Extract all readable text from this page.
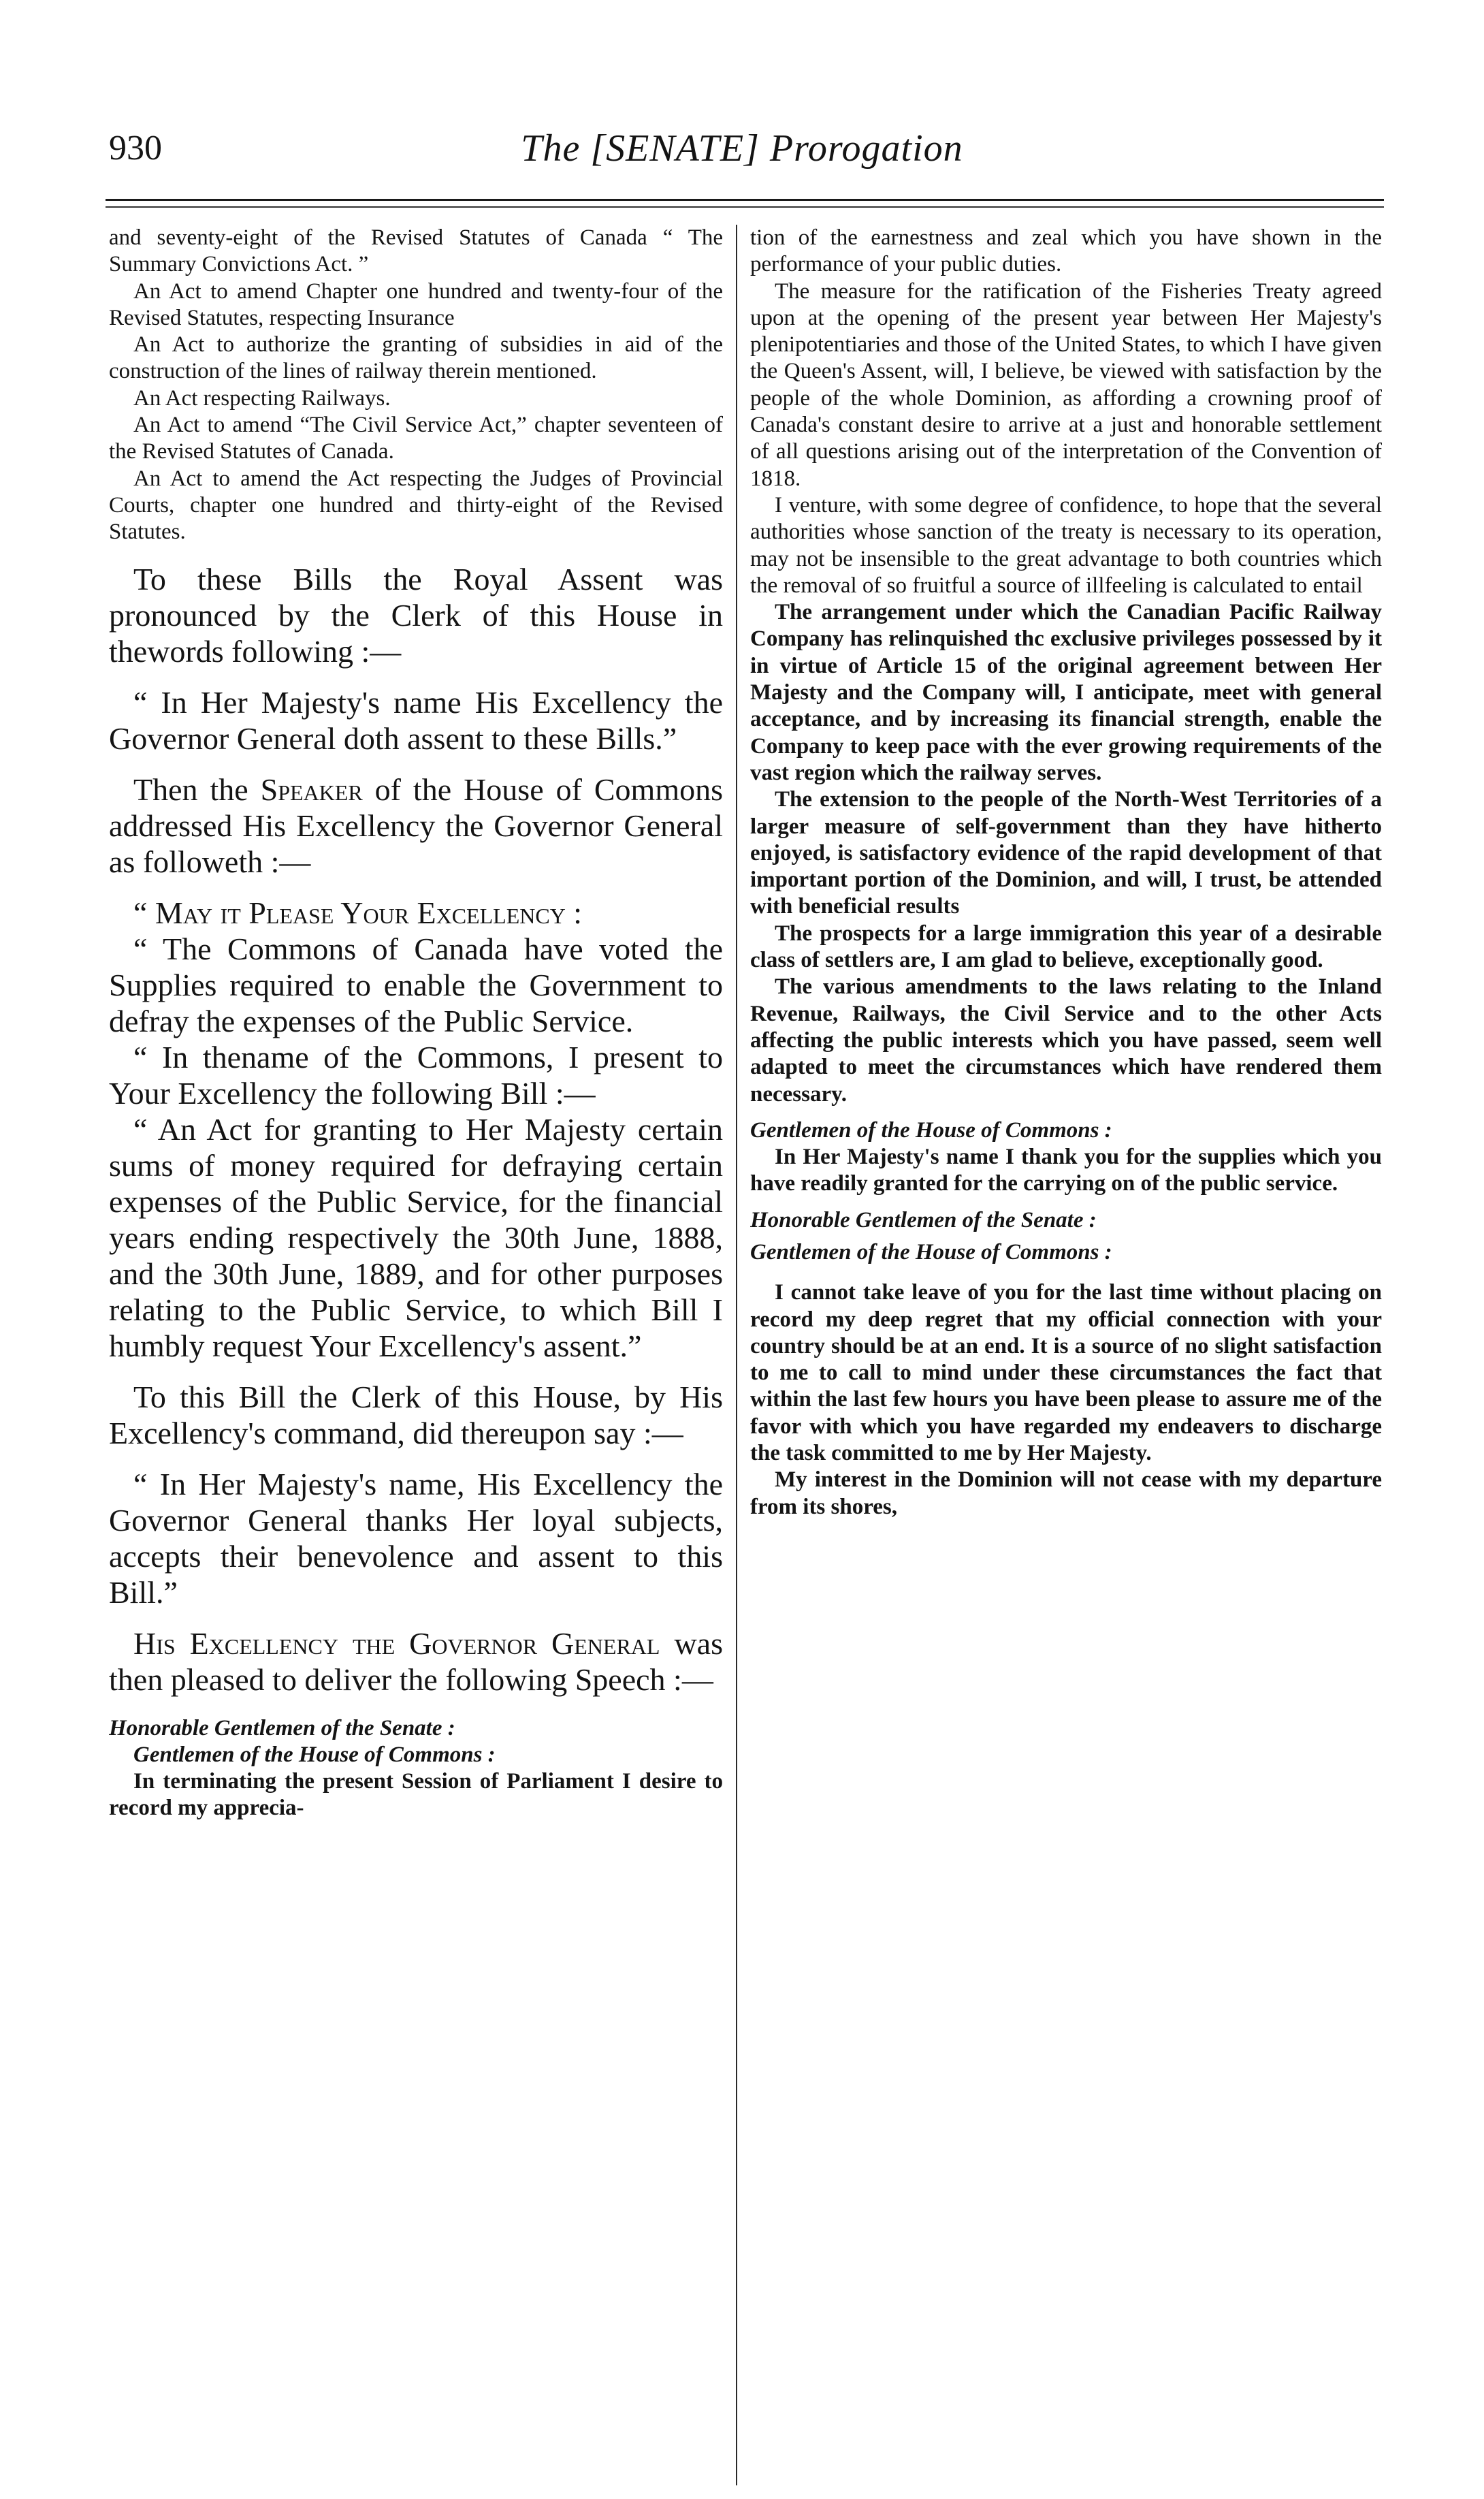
930	The [SENATE] Prorogation

and seventy-eight of the Revised Statutes of Canada “ The Summary Convictions Act. ”

An Act to amend Chapter one hundred and twenty-four of the Revised Statutes, respecting Insurance

An Act to authorize the granting of subsidies in aid of the construction of the lines of railway therein mentioned.

An Act respecting Railways.

An Act to amend “The Civil Service Act,” chapter seventeen of the Revised Statutes of Canada.

An Act to amend the Act respecting the Judges of Provincial Courts, chapter one hundred and thirty-eight of the Revised Statutes.

To these Bills the Royal Assent was pronounced by the Clerk of this House in thewords following :—

“ In Her Majesty's name His Excellency the Governor General doth assent to these Bills.”

Then the Speaker of the House of Commons addressed His Excellency the Governor General as followeth :—

“ May it Please Your Excellency :

“ The Commons of Canada have voted the Supplies required to enable the Government to defray the expenses of the Public Service.

“ In thename of the Commons, I present to Your Excellency the following Bill :—

“ An Act for granting to Her Majesty certain sums of money required for defraying certain expenses of the Public Service, for the financial years ending respectively the 30th June, 1888, and the 30th June, 1889, and for other purposes relating to the Public Service, to which Bill I humbly request Your Excellency's assent.”

To this Bill the Clerk of this House, by His Excellency's command, did thereupon say :—

“ In Her Majesty's name, His Excellency the Governor General thanks Her loyal subjects, accepts their benevolence and assent to this Bill.”

His Excellency the Governor General was then pleased to deliver the following Speech :—

Honorable Gentlemen of the Senate :

Gentlemen of the House of Commons :

In terminating the present Session of Parliament I desire to record my apprecia-

tion of the earnestness and zeal which you have shown in the performance of your public duties.

The measure for the ratification of the Fisheries Treaty agreed upon at the opening of the present year between Her Majesty's plenipotentiaries and those of the United States, to which I have given the Queen's Assent, will, I believe, be viewed with satisfaction by the people of the whole Dominion, as affording a crowning proof of Canada's constant desire to arrive at a just and honorable settlement of all questions arising out of the interpretation of the Convention of 1818.

I venture, with some degree of confidence, to hope that the several authorities whose sanction of the treaty is necessary to its operation, may not be insensible to the great advantage to both countries which the removal of so fruitful a source of illfeeling is calculated to entail

The arrangement under which the Canadian Pacific Railway Company has relinquished thc exclusive privileges possessed by it in virtue of Article 15 of the original agreement between Her Majesty and the Company will, I anticipate, meet with general acceptance, and by increasing its financial strength, enable the Company to keep pace with the ever growing requirements of the vast region which the railway serves.

The extension to the people of the North-West Territories of a larger measure of self-government than they have hitherto enjoyed, is satisfactory evidence of the rapid development of that important portion of the Dominion, and will, I trust, be attended with beneficial results

The prospects for a large immigration this year of a desirable class of settlers are, I am glad to believe, exceptionally good.

The various amendments to the laws relating to the Inland Revenue, Railways, the Civil Service and to the other Acts affecting the public interests which you have passed, seem well adapted to meet the circumstances which have rendered them necessary.

Gentlemen of the House of Commons :

In Her Majesty's name I thank you for the supplies which you have readily granted for the carrying on of the public service.

Honorable Gentlemen of the Senate :

Gentlemen of the House of Commons :

I cannot take leave of you for the last time without placing on record my deep regret that my official connection with your country should be at an end. It is a source of no slight satisfaction to me to call to mind under these circumstances the fact that within the last few hours you have been please to assure me of the favor with which you have regarded my endeavers to discharge the task committed to me by Her Majesty.

My interest in the Dominion will not cease with my departure from its shores,
